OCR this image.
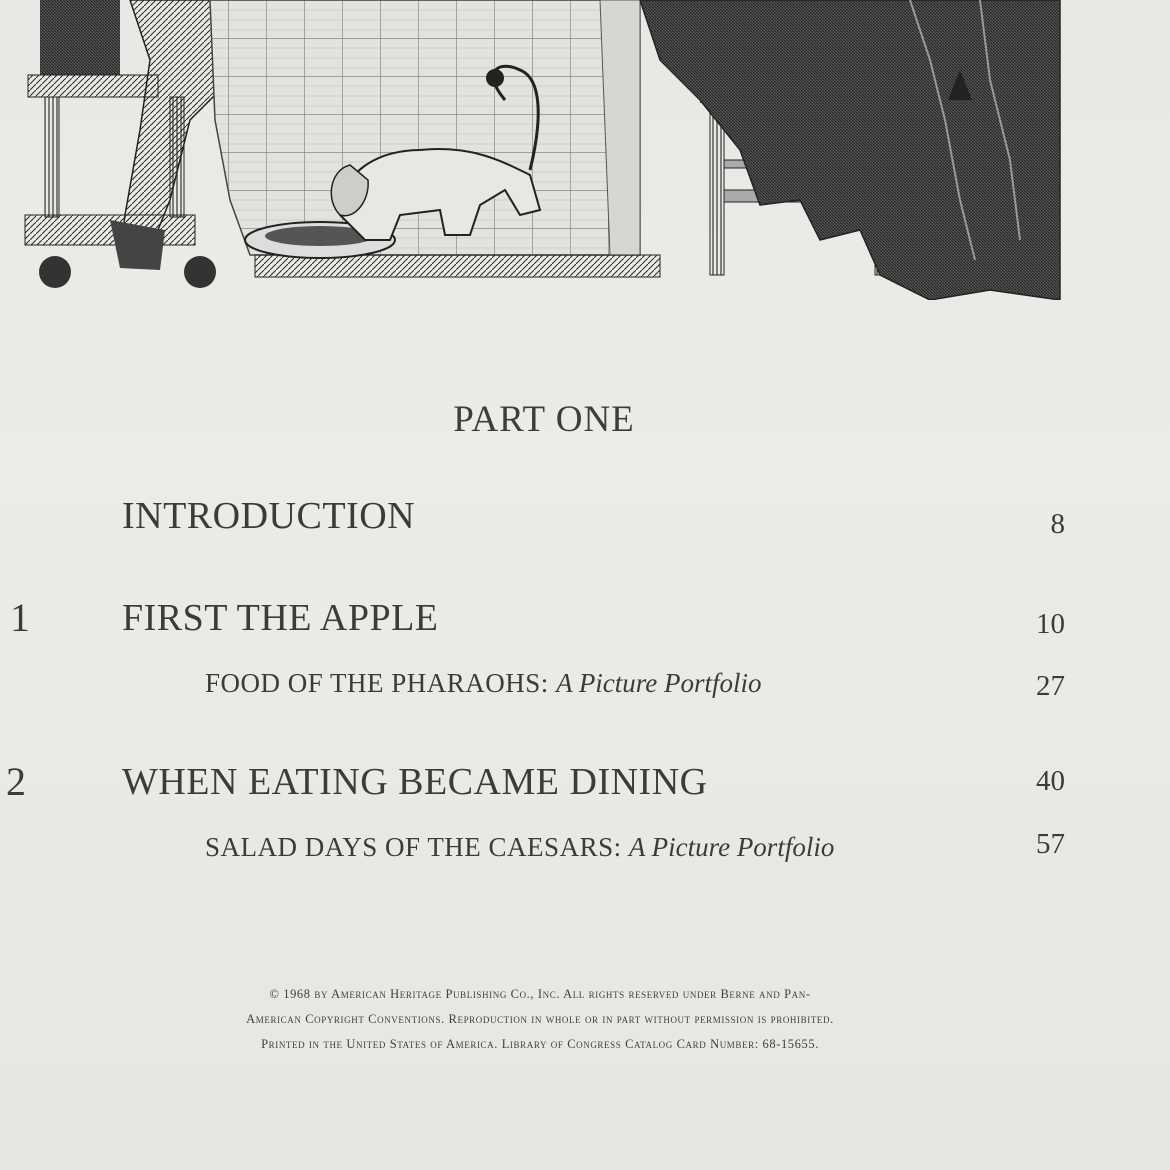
PART ONE
INTRODUCTION	8
1 FIRST THE APPLE	10
FOOD OF THE PHARAOHS: A Picture Portfolio	27
2	WHEN EATING BECAME DINING	40
SALAD DAYS OF THE CAESARS: A Picture Portfolio	57
© 1968 by American Heritage Publishing Co., Inc. All rights reserved under Berne and Pan-
American Copyright Conventions. Reproduction in whole or in part without permission is prohibited.
Printed in the United States of America. Library of Congress Catalog Card Number: 68-15655.
